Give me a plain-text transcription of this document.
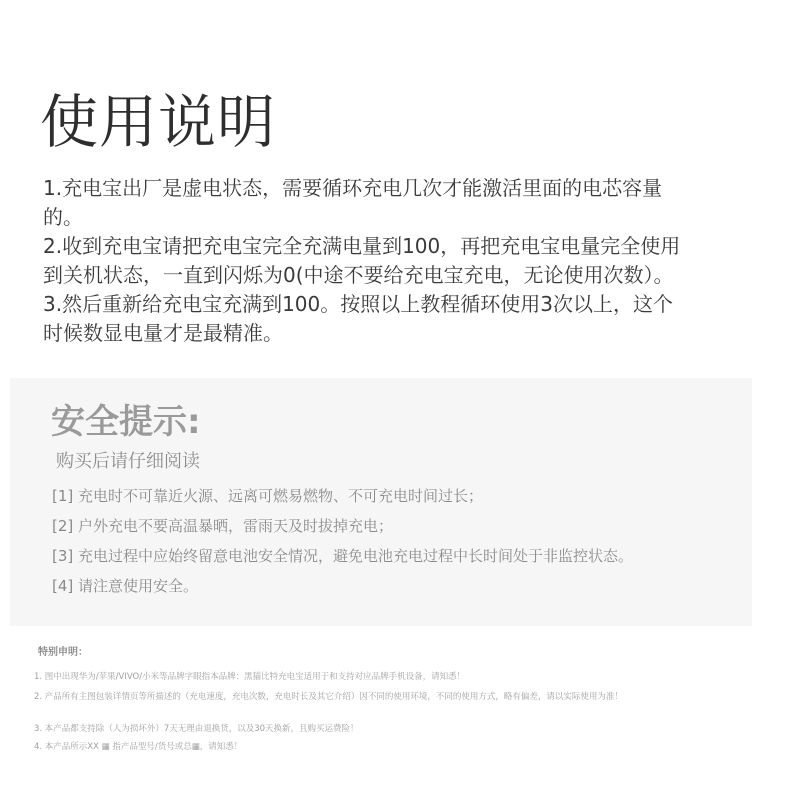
使用说明

1.充电宝出厂是虚电状态，需要循环充电几次才能激活里面的电芯容量的。

2.收到充电宝请把充电宝完全充满电量到100，再把充电宝电量完全使用到关机状态，一直到闪烁为0(中途不要给充电宝充电，无论使用次数）。

3.然后重新给充电宝充满到100。按照以上教程循环使用3次以上，这个时候数显电量才是最精准。

安全提示:
购买后请仔细阅读
[1] 充电时不可靠近火源、远离可燃易燃物、不可充电时间过长；
[2] 户外充电不要高温暴晒，雷雨天及时拔掉充电；
[3] 充电过程中应始终留意电池安全情况，避免电池充电过程中长时间处于非监控状态。
[4] 请注意使用安全。
特别申明：
1. 图中出现华为/苹果/VIVO/小米等品牌字眼指本品牌：黑猫比特充电宝适用于和支持对应品牌手机设备，请知悉！
2. 产品所有主图包装详情页等所描述的（充电速度，充电次数，充电时长及其它介绍）因不同的使用环境，不同的使用方式，略有偏差，请以实际使用为准！
3. 本产品都支持除（人为损坏外）7天无理由退换货，以及30天换新，且购买运费险！
4. 本产品所示XX ▦ 指产品型号/货号或总▦，请知悉！
